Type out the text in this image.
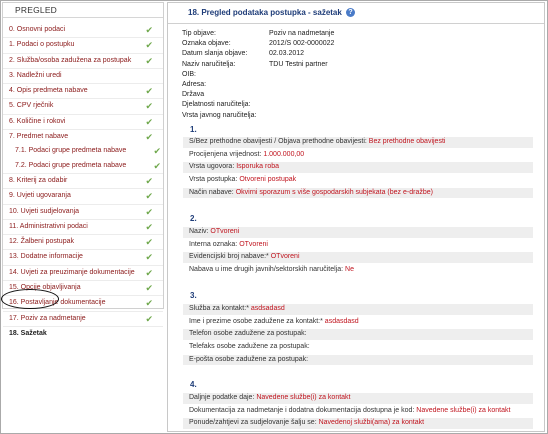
PREGLED
0. Osnovni podaci	✔
1. Podaci o postupku	✔
2. Služba/osoba zadužena za postupak ✔
3. Nadležni uredi
4. Opis predmeta nabave	✔
5. CPV rječnik	✔
6. Količine i rokovi	✔
7. Predmet nabave	✔
7.1. Podaci grupe predmeta nabave	✔
7.2. Podaci grupe predmeta nabave	✔
8. Kriterij za odabir	✔
9. Uvjeti ugovaranja	✔
10. Uvjeti sudjelovanja	✔
11. Administrativni podaci	✔
12. Žalbeni postupak	✔
13. Dodatne informacije	✔
14. Uvjeti za preuzimanje dokumentacije ✔
15. Opcije objavljivanja	✔
16. Postavljanje dokumentacije	✔
17. Poziv za nadmetanje	✔
18. Sažetak
18. Pregled podataka postupka - sažetak ?
Tip objave:	Poziv na nadmetanje
Oznaka objave:	2012/S 002-0000022
Datum slanja objave:	02.03.2012
Naziv naručitelja:	TDU Testni partner
OIB:
Adresa:
Država
Djelatnosti naručitelja:
Vrsta javnog naručitelja:
1.
S/Bez prethodne obavijesti / Objava prethodne obavijesti: Bez prethodne obavijesti
Procijenjena vrijednost: 1.000.000,00
Vrsta ugovora: Isporuka roba
Vrsta postupka: Otvoreni postupak
Način nabave: Okvirni sporazum s više gospodarskih subjekata (bez e-dražbe)
2.
Naziv: OTvoreni
Interna oznaka: OTvoreni
Evidencijski broj nabave:* OTvoreni
Nabava u ime drugih javnih/sektorskih naručitelja: Ne
3.
Služba za kontakt:* asdsadasd
Ime i prezime osobe zadužene za kontakt:* asdasdasd
Telefon osobe zadužene za postupak:
Telefaks osobe zadužene za postupak:
E-pošta osobe zadužene za postupak:
4.
Daljnje podatke daje: Navedene službe(i) za kontakt
Dokumentacija za nadmetanje i dodatna dokumentacija dostupna je kod: Navedene službe(i) za kontakt
Ponude/zahtjevi za sudjelovanje šalju se: Navedenoj službi(ama) za kontakt
